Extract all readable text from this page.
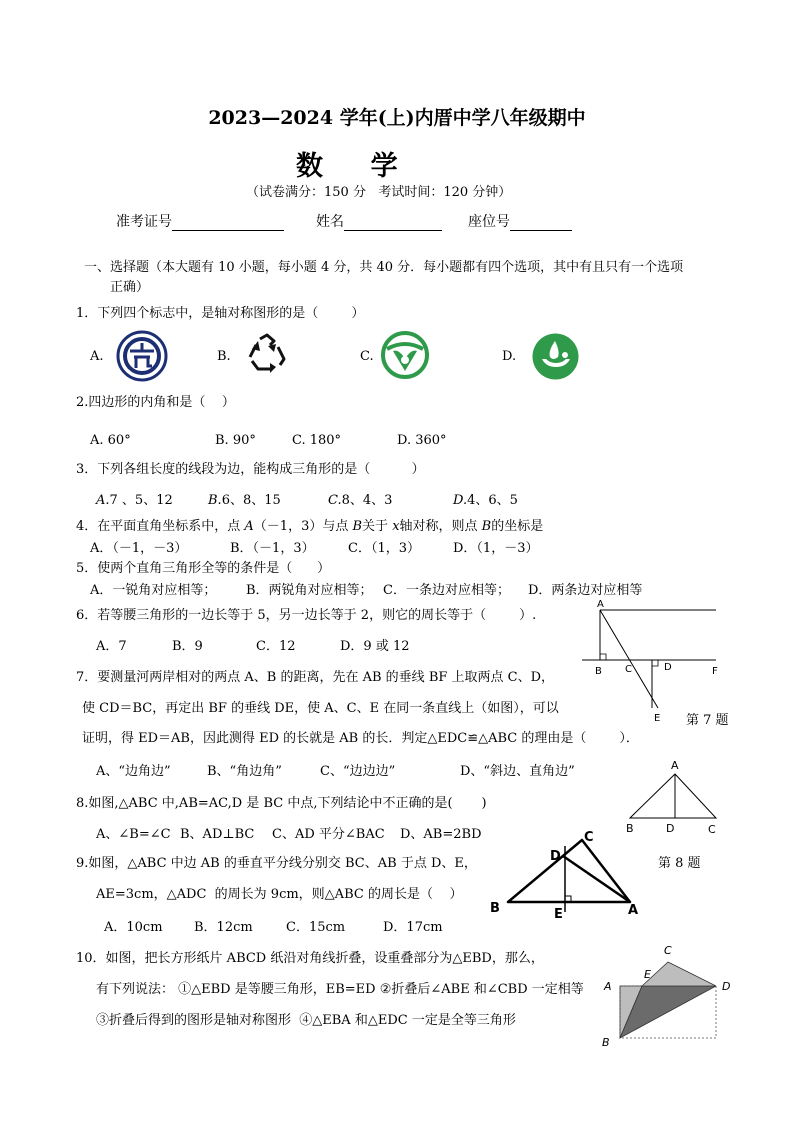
2023—2024 学年(上)内厝中学八年级期中
数    学
（试卷满分：150 分   考试时间：120 分钟）
准考证号	姓名	座位号
一、选择题（本大题有 10 小题，每小题 4 分，共 40 分．每小题都有四个选项，其中有且只有一个选项
正确）
1．下列四个标志中，是轴对称图形的是（        ）
A.	B.	C.	D.
2.四边形的内角和是（    ）
A. 60°	B. 90°	C. 180°	D. 360°
3．下列各组长度的线段为边，能构成三角形的是（          ）
A.7 、5、12	B.6、8、15	C.8、4、3	D.4、6、5
4．在平面直角坐标系中，点 A（－1，3）与点 B关于 x轴对称，则点 B的坐标是
A．（－1，－3）	B．（－1，3）	C．（1，3）	D．（1，－3）
5．使两个直角三角形全等的条件是（      ）
A．一锐角对应相等； B．两锐角对应相等； C．一条边对应相等； D．两条边对应相等
6．若等腰三角形的一边长等于 5，另一边长等于 2，则它的周长等于（        ）.
A．7	B．9	C．12	D．9 或 12
A
B C	D	F
E 第 7 题
7．要测量河两岸相对的两点 A、B 的距离，先在 AB 的垂线 BF 上取两点 C、D，
使 CD＝BC，再定出 BF 的垂线 DE，使 A、C、E 在同一条直线上（如图），可以
证明，得 ED＝AB，因此测得 ED 的长就是 AB 的长．判定△EDC≌△ABC 的理由是（        ）．
A、“边角边”	B、“角边角”	C、“边边边”	D、“斜边、直角边”	A
B	D	C
第 8 题
8.如图,△ABC 中,AB=AC,D 是 BC 中点,下列结论中不正确的是(       )
A、∠B=∠C B、AD⊥BC C、AD 平分∠BAC D、AB=2BD	C
D
B	E	A
9.如图，△ABC 中边 AB 的垂直平分线分别交 BC、AB 于点 D、E，
AE=3cm，△ADC  的周长为 9cm，则△ABC 的周长是（    ）
A．10cm B．12cm	C．15cm	D．17cm
10．如图，把长方形纸片 ABCD 纸沿对角线折叠，设重叠部分为△EBD，那么，
有下列说法： ①△EBD 是等腰三角形，EB=ED ②折叠后∠ABE 和∠CBD 一定相等
③折叠后得到的图形是轴对称图形  ④△EBA 和△EDC 一定是全等三角形
C
E
A	D
B
